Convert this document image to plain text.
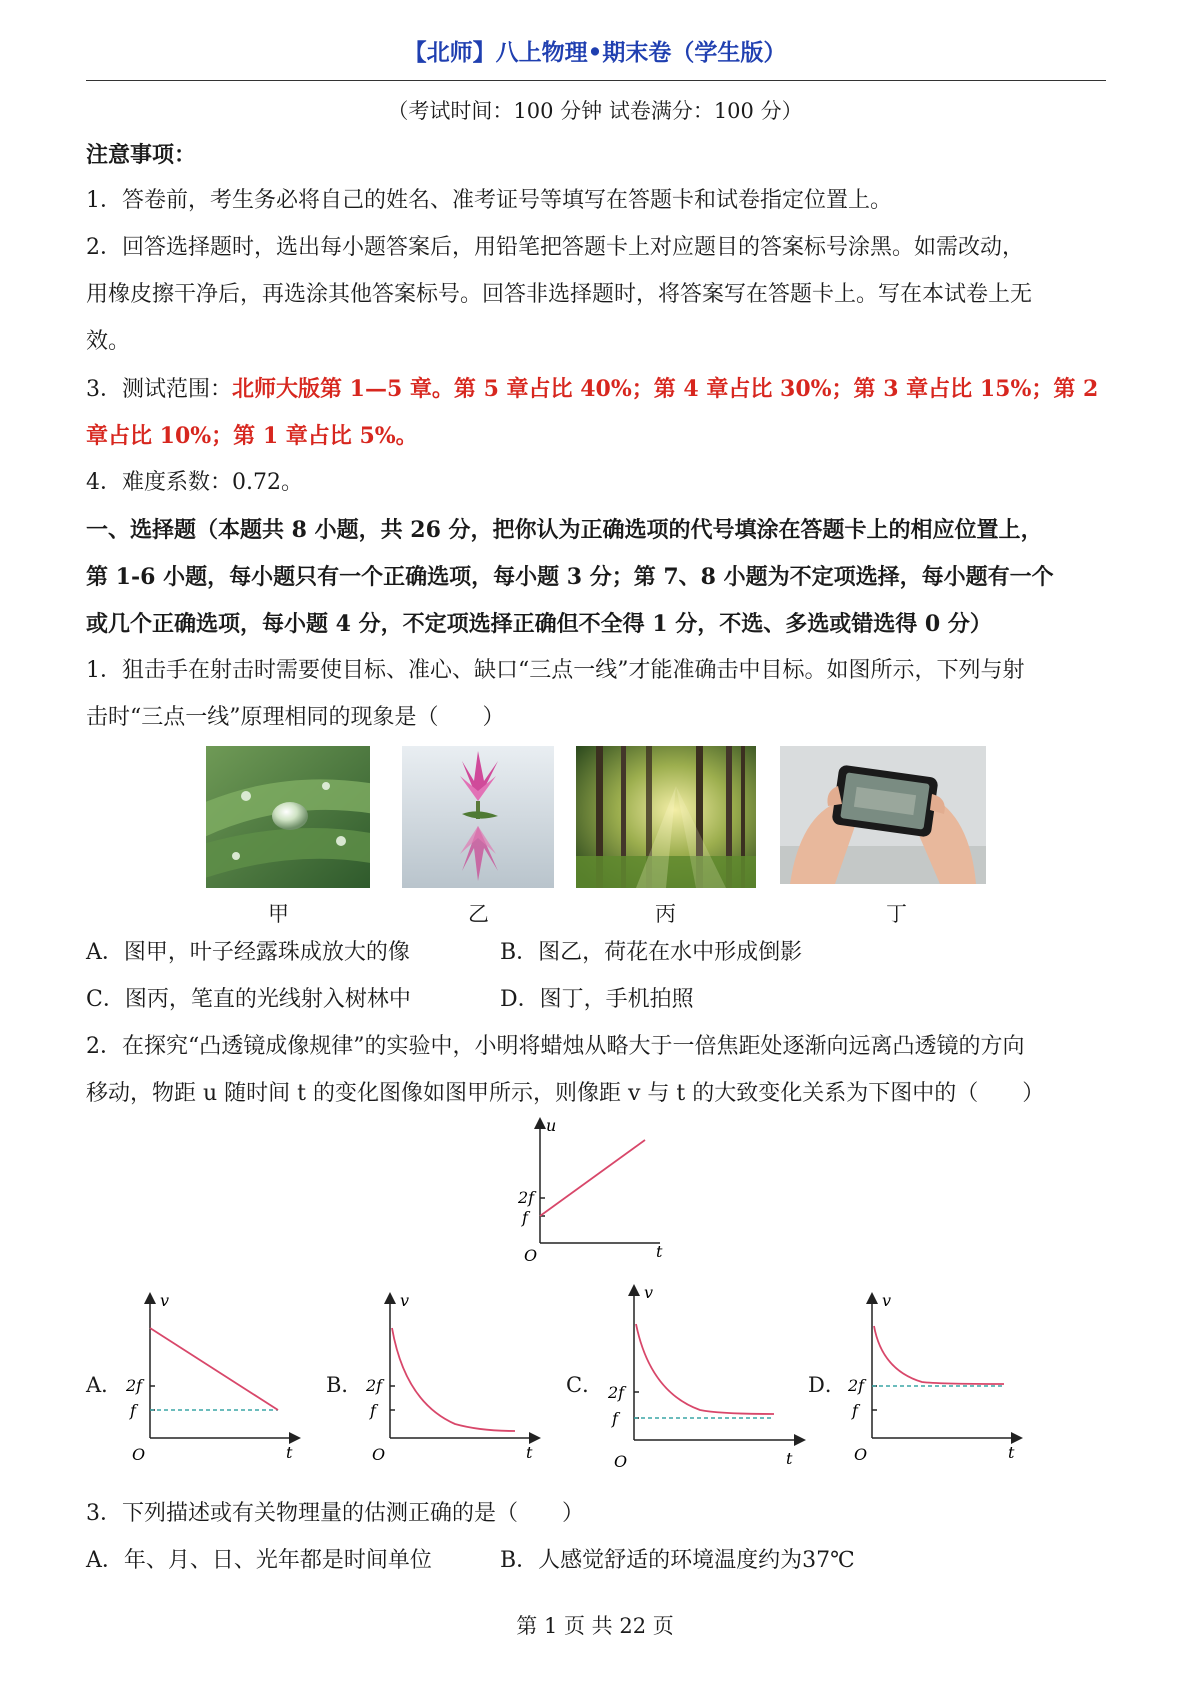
【北师】八上物理•期末卷（学生版）
（考试时间：100 分钟 试卷满分：100 分）
注意事项：
1．答卷前，考生务必将自己的姓名、准考证号等填写在答题卡和试卷指定位置上。
2．回答选择题时，选出每小题答案后，用铅笔把答题卡上对应题目的答案标号涂黑。如需改动，
用橡皮擦干净后，再选涂其他答案标号。回答非选择题时，将答案写在答题卡上。写在本试卷上无
效。
3．测试范围：北师大版第 1—5 章。第 5 章占比 40%；第 4 章占比 30%；第 3 章占比 15%；第 2
章占比 10%；第 1 章占比 5%。
4．难度系数：0.72。
一、选择题（本题共 8 小题，共 26 分，把你认为正确选项的代号填涂在答题卡上的相应位置上，
第 1-6 小题，每小题只有一个正确选项，每小题 3 分；第 7、8 小题为不定项选择，每小题有一个
或几个正确选项，每小题 4 分，不定项选择正确但不全得 1 分，不选、多选或错选得 0 分）
1．狙击手在射击时需要使目标、准心、缺口“三点一线”才能准确击中目标。如图所示，下列与射
击时“三点一线”原理相同的现象是（　　）
甲	乙	丙	丁
A．图甲，叶子经露珠成放大的像	B．图乙，荷花在水中形成倒影
C．图丙，笔直的光线射入树林中	D．图丁，手机拍照
2．在探究“凸透镜成像规律”的实验中，小明将蜡烛从略大于一倍焦距处逐渐向远离凸透镜的方向
移动，物距 u 随时间 t 的变化图像如图甲所示，则像距 v 与 t 的大致变化关系为下图中的（　　）
u
2f
f
O	t
A．
v
2f
f
O	t
B．
v
2f
f
O	t
C．
v
2f
f
O	t
D．
v
2f
f
O	t
3．下列描述或有关物理量的估测正确的是（　　）
A．年、月、日、光年都是时间单位	B．人感觉舒适的环境温度约为37℃
第 1 页 共 22 页
